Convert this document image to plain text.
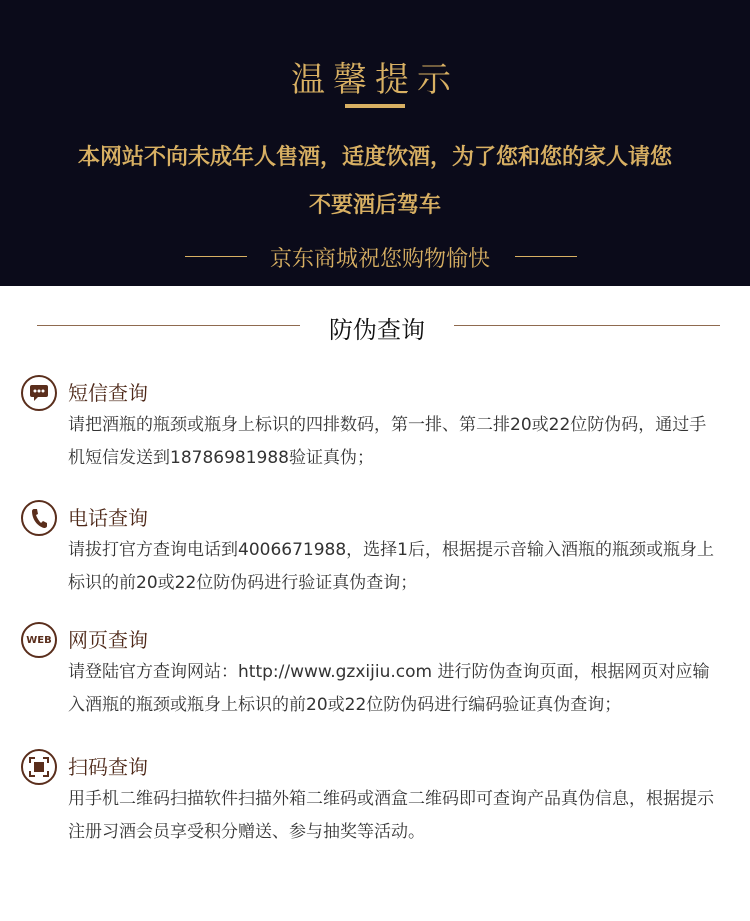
温馨提示
本网站不向未成年人售酒，适度饮酒，为了您和您的家人请您
不要酒后驾车
京东商城祝您购物愉快
防伪查询
短信查询
请把酒瓶的瓶颈或瓶身上标识的四排数码，第一排、第二排20或22位防伪码，通过手机短信发送到18786981988验证真伪；
电话查询
请拔打官方查询电话到4006671988，选择1后，根据提示音输入酒瓶的瓶颈或瓶身上标识的前20或22位防伪码进行验证真伪查询；
WEB 网页查询
请登陆官方查询网站：http://www.gzxijiu.com 进行防伪查询页面，根据网页对应输入酒瓶的瓶颈或瓶身上标识的前20或22位防伪码进行编码验证真伪查询；
扫码查询
用手机二维码扫描软件扫描外箱二维码或酒盒二维码即可查询产品真伪信息，根据提示注册习酒会员享受积分赠送、参与抽奖等活动。
